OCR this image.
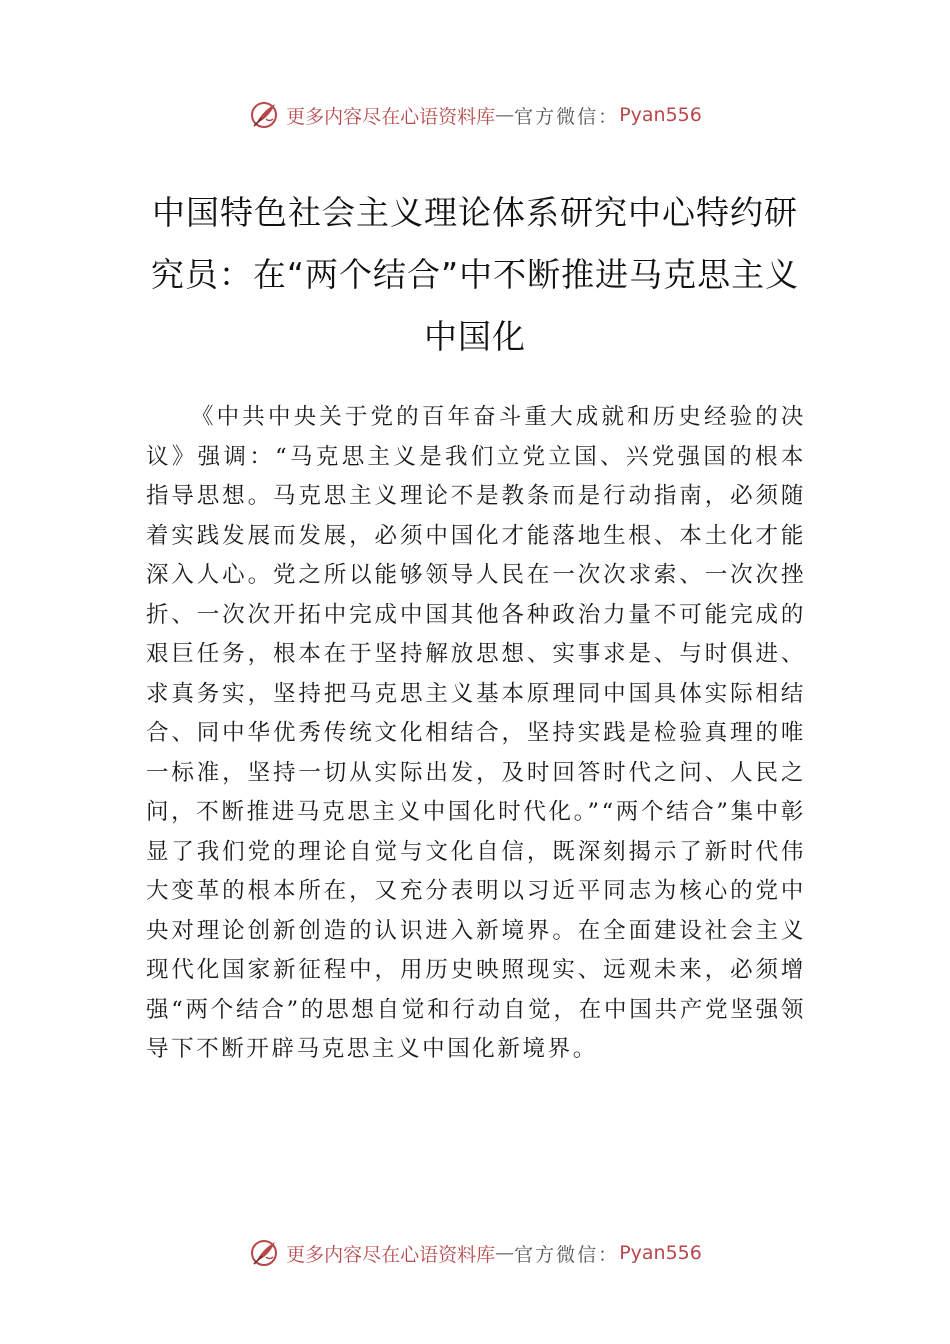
更多内容尽在心语资料库 — 官方微信： Pyan556
中国特色社会主义理论体系研究中心特约研究员：在“两个结合”中不断推进马克思主义中国化

《中共中央关于党的百年奋斗重大成就和历史经验的决议》强调：“马克思主义是我们立党立国、兴党强国的根本指导思想。马克思主义理论不是教条而是行动指南，必须随着实践发展而发展，必须中国化才能落地生根、本土化才能深入人心。党之所以能够领导人民在一次次求索、一次次挫折、一次次开拓中完成中国其他各种政治力量不可能完成的艰巨任务，根本在于坚持解放思想、实事求是、与时俱进、求真务实，坚持把马克思主义基本原理同中国具体实际相结合、同中华优秀传统文化相结合，坚持实践是检验真理的唯一标准，坚持一切从实际出发，及时回答时代之问、人民之问，不断推进马克思主义中国化时代化。”“两个结合”集中彰显了我们党的理论自觉与文化自信，既深刻揭示了新时代伟大变革的根本所在，又充分表明以习近平同志为核心的党中央对理论创新创造的认识进入新境界。在全面建设社会主义现代化国家新征程中，用历史映照现实、远观未来，必须增强“两个结合”的思想自觉和行动自觉，在中国共产党坚强领导下不断开辟马克思主义中国化新境界。

更多内容尽在心语资料库 — 官方微信： Pyan556
